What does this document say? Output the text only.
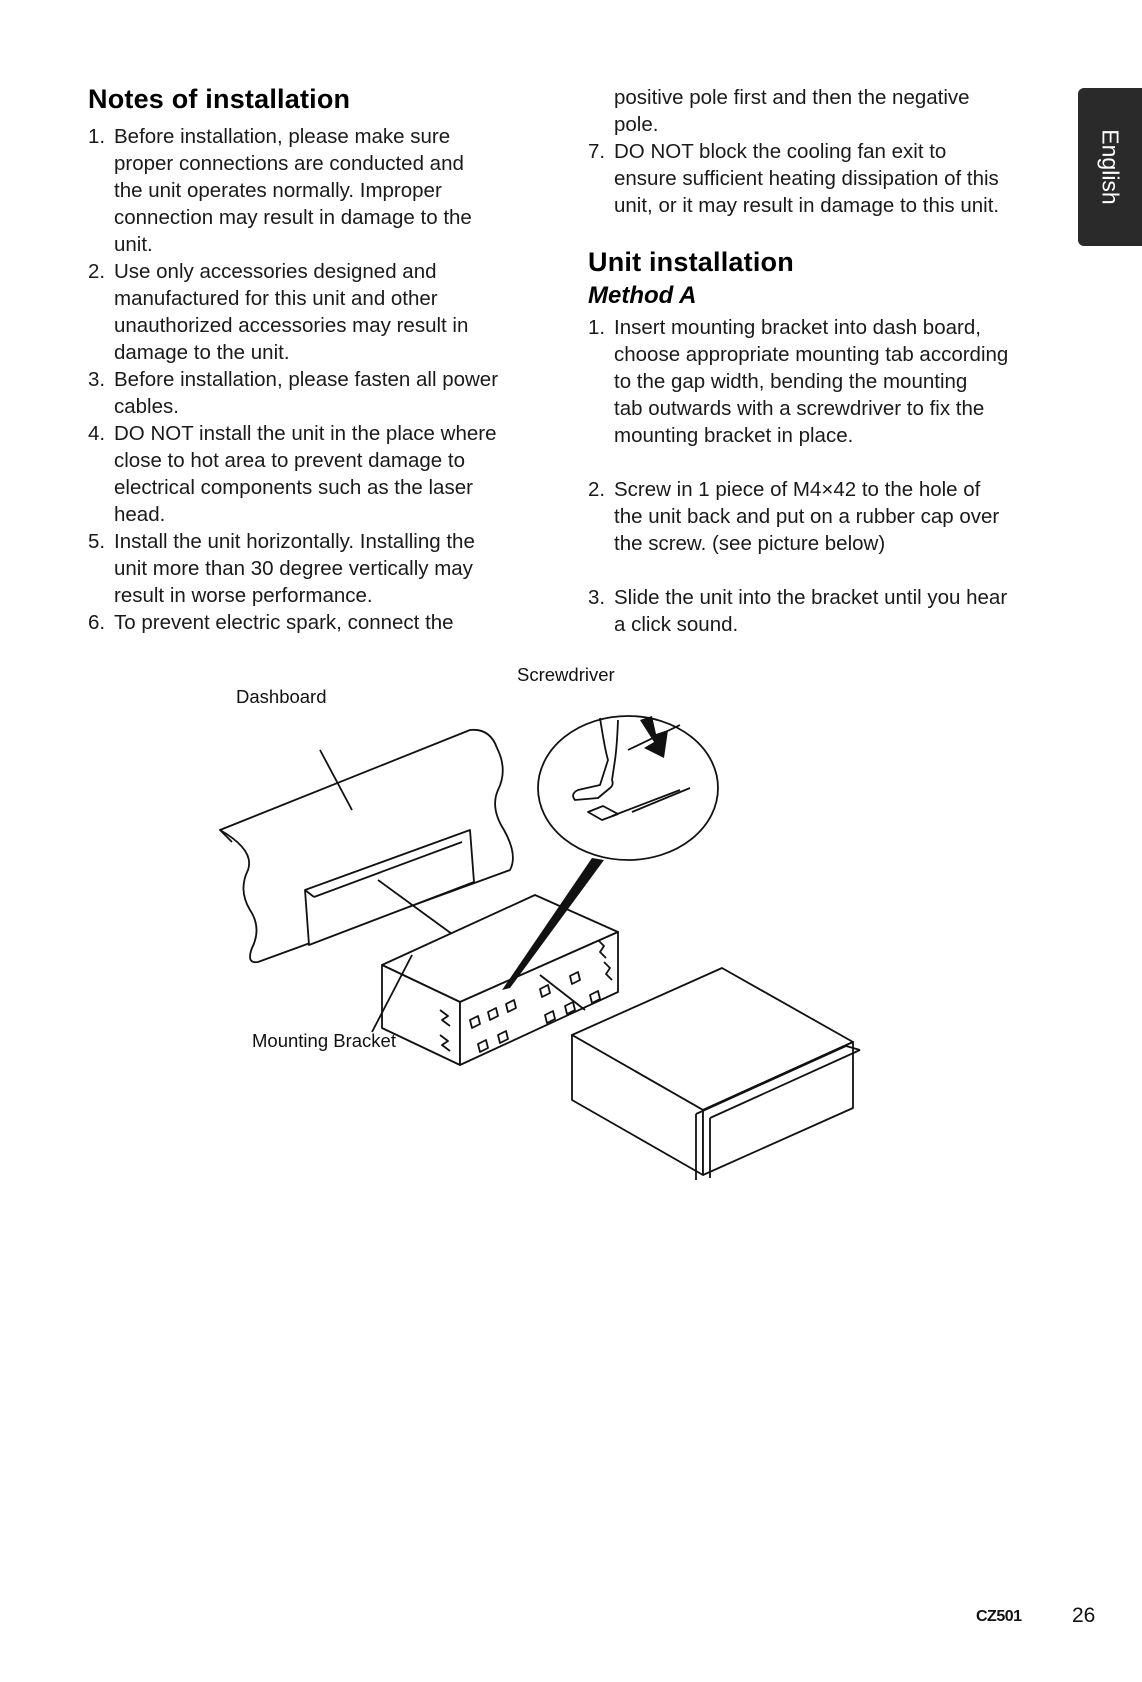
Notes of installation
1. Before installation, please make sure
proper connections are conducted and
the unit operates normally. Improper
connection may result in damage to the
unit.
2. Use only accessories designed and
manufactured for this unit and other
unauthorized accessories may result in
damage to the unit.
3. Before installation, please fasten all power
cables.
4. DO NOT install the unit in the place where
close to hot area to prevent damage to
electrical components such as the laser
head.
5. Install the unit horizontally. Installing the
unit more than 30 degree vertically may
result in worse performance.
6. To prevent electric spark, connect the

positive pole first and then the negative
pole.

7. DO NOT block the cooling fan exit to
ensure sufficient heating dissipation of this
unit, or it may result in damage to this unit.
Unit installation
Method A
1. Insert mounting bracket into dash board,
choose appropriate mounting tab according
to the gap width, bending the mounting
tab outwards with a screwdriver to fix the
mounting bracket in place.
2. Screw in 1 piece of M4×42 to the hole of
the unit back and put on a rubber cap over
the screw. (see picture below)
3. Slide the unit into the bracket until you hear
a click sound.
English
Dashboard
Screwdriver
Mounting Bracket
CZ501 26
